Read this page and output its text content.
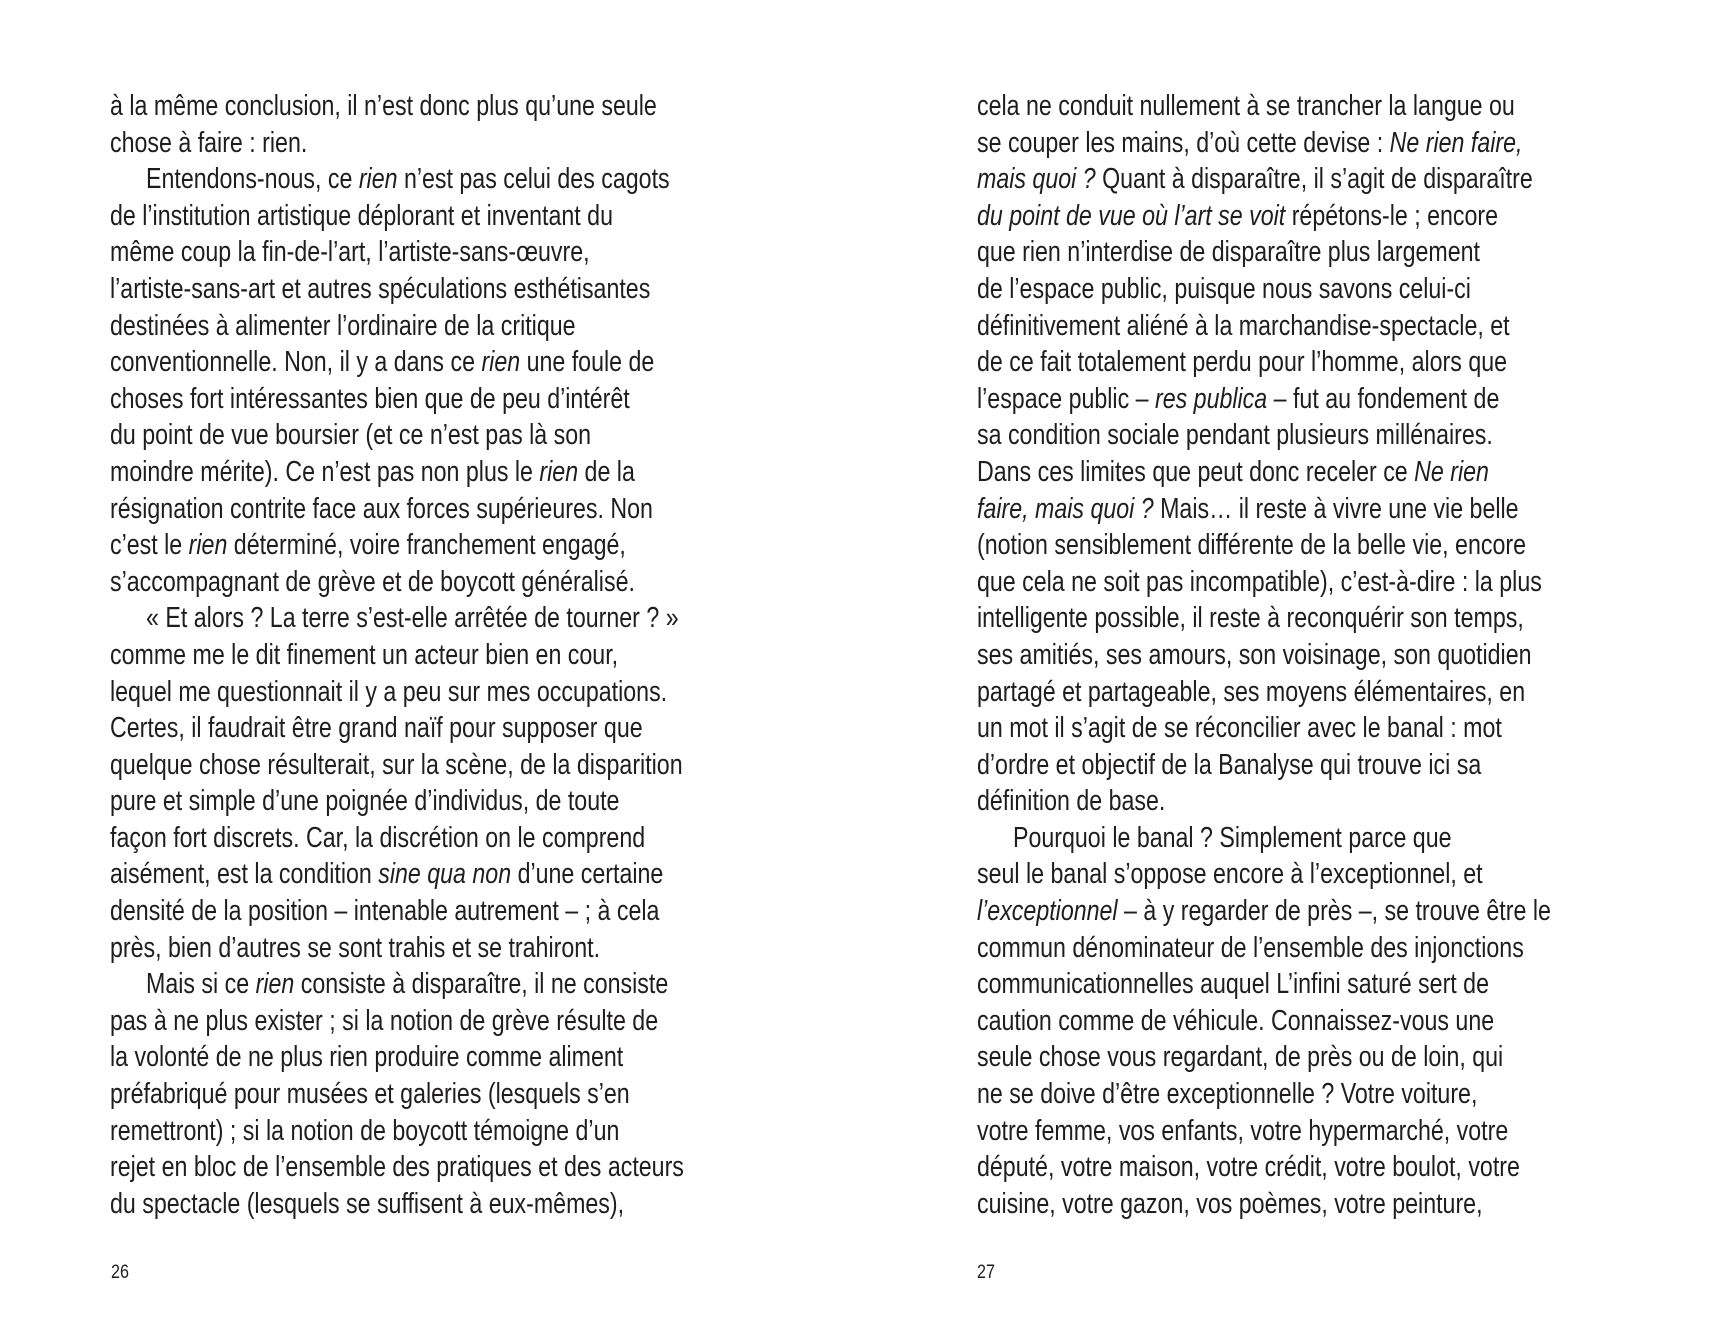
à la même conclusion, il n’est donc plus qu’une seule
chose à faire : rien.
Entendons-nous, ce rien n’est pas celui des cagots
de l’institution artistique déplorant et inventant du
même coup la fin-de-l’art, l’artiste-sans-œuvre,
l’artiste-sans-art et autres spéculations esthétisantes
destinées à alimenter l’ordinaire de la critique
conventionnelle. Non, il y a dans ce rien une foule de
choses fort intéressantes bien que de peu d’intérêt
du point de vue boursier (et ce n’est pas là son
moindre mérite). Ce n’est pas non plus le rien de la
résignation contrite face aux forces supérieures. Non
c’est le rien déterminé, voire franchement engagé,
s’accompagnant de grève et de boycott généralisé.
« Et alors ? La terre s’est-elle arrêtée de tourner ? »
comme me le dit finement un acteur bien en cour,
lequel me questionnait il y a peu sur mes occupations.
Certes, il faudrait être grand naïf pour supposer que
quelque chose résulterait, sur la scène, de la disparition
pure et simple d’une poignée d’individus, de toute
façon fort discrets. Car, la discrétion on le comprend
aisément, est la condition sine qua non d’une certaine
densité de la position – intenable autrement – ; à cela
près, bien d’autres se sont trahis et se trahiront.
Mais si ce rien consiste à disparaître, il ne consiste
pas à ne plus exister ; si la notion de grève résulte de
la volonté de ne plus rien produire comme aliment
préfabriqué pour musées et galeries (lesquels s’en
remettront) ; si la notion de boycott témoigne d’un
rejet en bloc de l’ensemble des pratiques et des acteurs
du spectacle (lesquels se suffisent à eux-mêmes),
26
cela ne conduit nullement à se trancher la langue ou
se couper les mains, d’où cette devise : Ne rien faire,
mais quoi ? Quant à disparaître, il s’agit de disparaître
du point de vue où l’art se voit répétons-le ; encore
que rien n’interdise de disparaître plus largement
de l’espace public, puisque nous savons celui-ci
définitivement aliéné à la marchandise-spectacle, et
de ce fait totalement perdu pour l’homme, alors que
l’espace public – res publica – fut au fondement de
sa condition sociale pendant plusieurs millénaires.
Dans ces limites que peut donc receler ce Ne rien
faire, mais quoi ? Mais… il reste à vivre une vie belle
(notion sensiblement différente de la belle vie, encore
que cela ne soit pas incompatible), c’est-à-dire : la plus
intelligente possible, il reste à reconquérir son temps,
ses amitiés, ses amours, son voisinage, son quotidien
partagé et partageable, ses moyens élémentaires, en
un mot il s’agit de se réconcilier avec le banal : mot
d’ordre et objectif de la Banalyse qui trouve ici sa
définition de base.
Pourquoi le banal ? Simplement parce que
seul le banal s’oppose encore à l’exceptionnel, et
l’exceptionnel – à y regarder de près –, se trouve être le
commun dénominateur de l’ensemble des injonctions
communicationnelles auquel L’infini saturé sert de
caution comme de véhicule. Connaissez-vous une
seule chose vous regardant, de près ou de loin, qui
ne se doive d’être exceptionnelle ? Votre voiture,
votre femme, vos enfants, votre hypermarché, votre
député, votre maison, votre crédit, votre boulot, votre
cuisine, votre gazon, vos poèmes, votre peinture,
27
